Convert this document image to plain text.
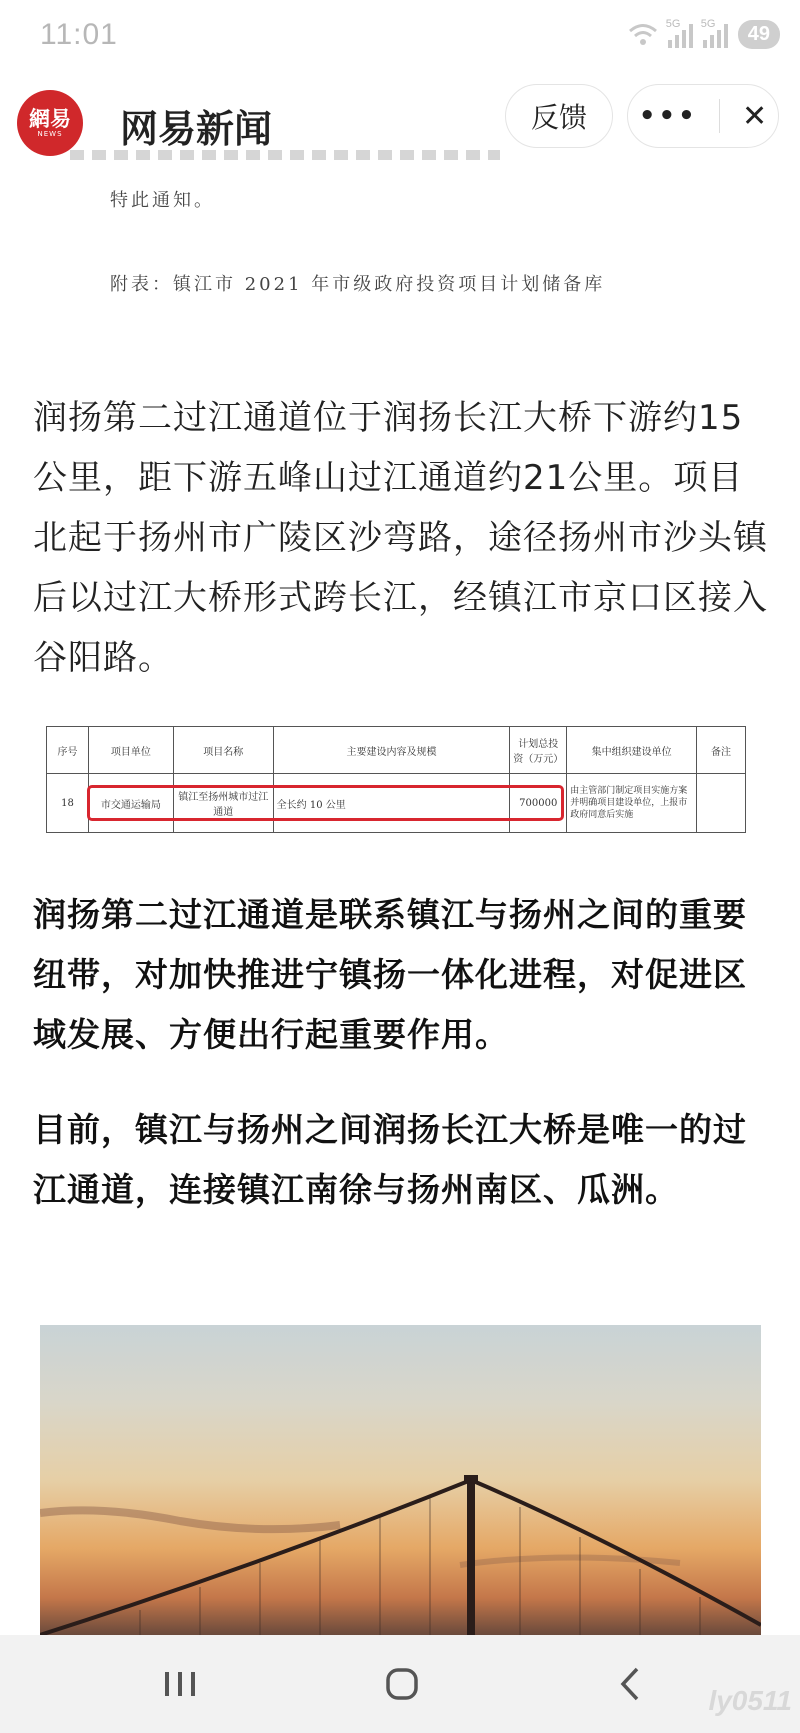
11:01	5G 5G	49
網易
NEWS 网易新闻	反馈	••• ✕
特此通知。
附表：镇江市 2021 年市级政府投资项目计划储备库

润扬第二过江通道位于润扬长江大桥下游约15公里，距下游五峰山过江通道约21公里。项目北起于扬州市广陵区沙弯路，途径扬州市沙头镇后以过江大桥形式跨长江，经镇江市京口区接入谷阳路。

序号	项目单位	项目名称	主要建设内容及规模	计划总投资（万元）	集中组织建设单位	备注
18	市交通运输局	镇江至扬州城市过江通道	全长约 10 公里	700000	由主管部门制定项目实施方案并明确项目建设单位，上报市政府同意后实施	

润扬第二过江通道是联系镇江与扬州之间的重要纽带，对加快推进宁镇扬一体化进程，对促进区域发展、方便出行起重要作用。

目前，镇江与扬州之间润扬长江大桥是唯一的过江通道，连接镇江南徐与扬州南区、瓜洲。

ly0511
